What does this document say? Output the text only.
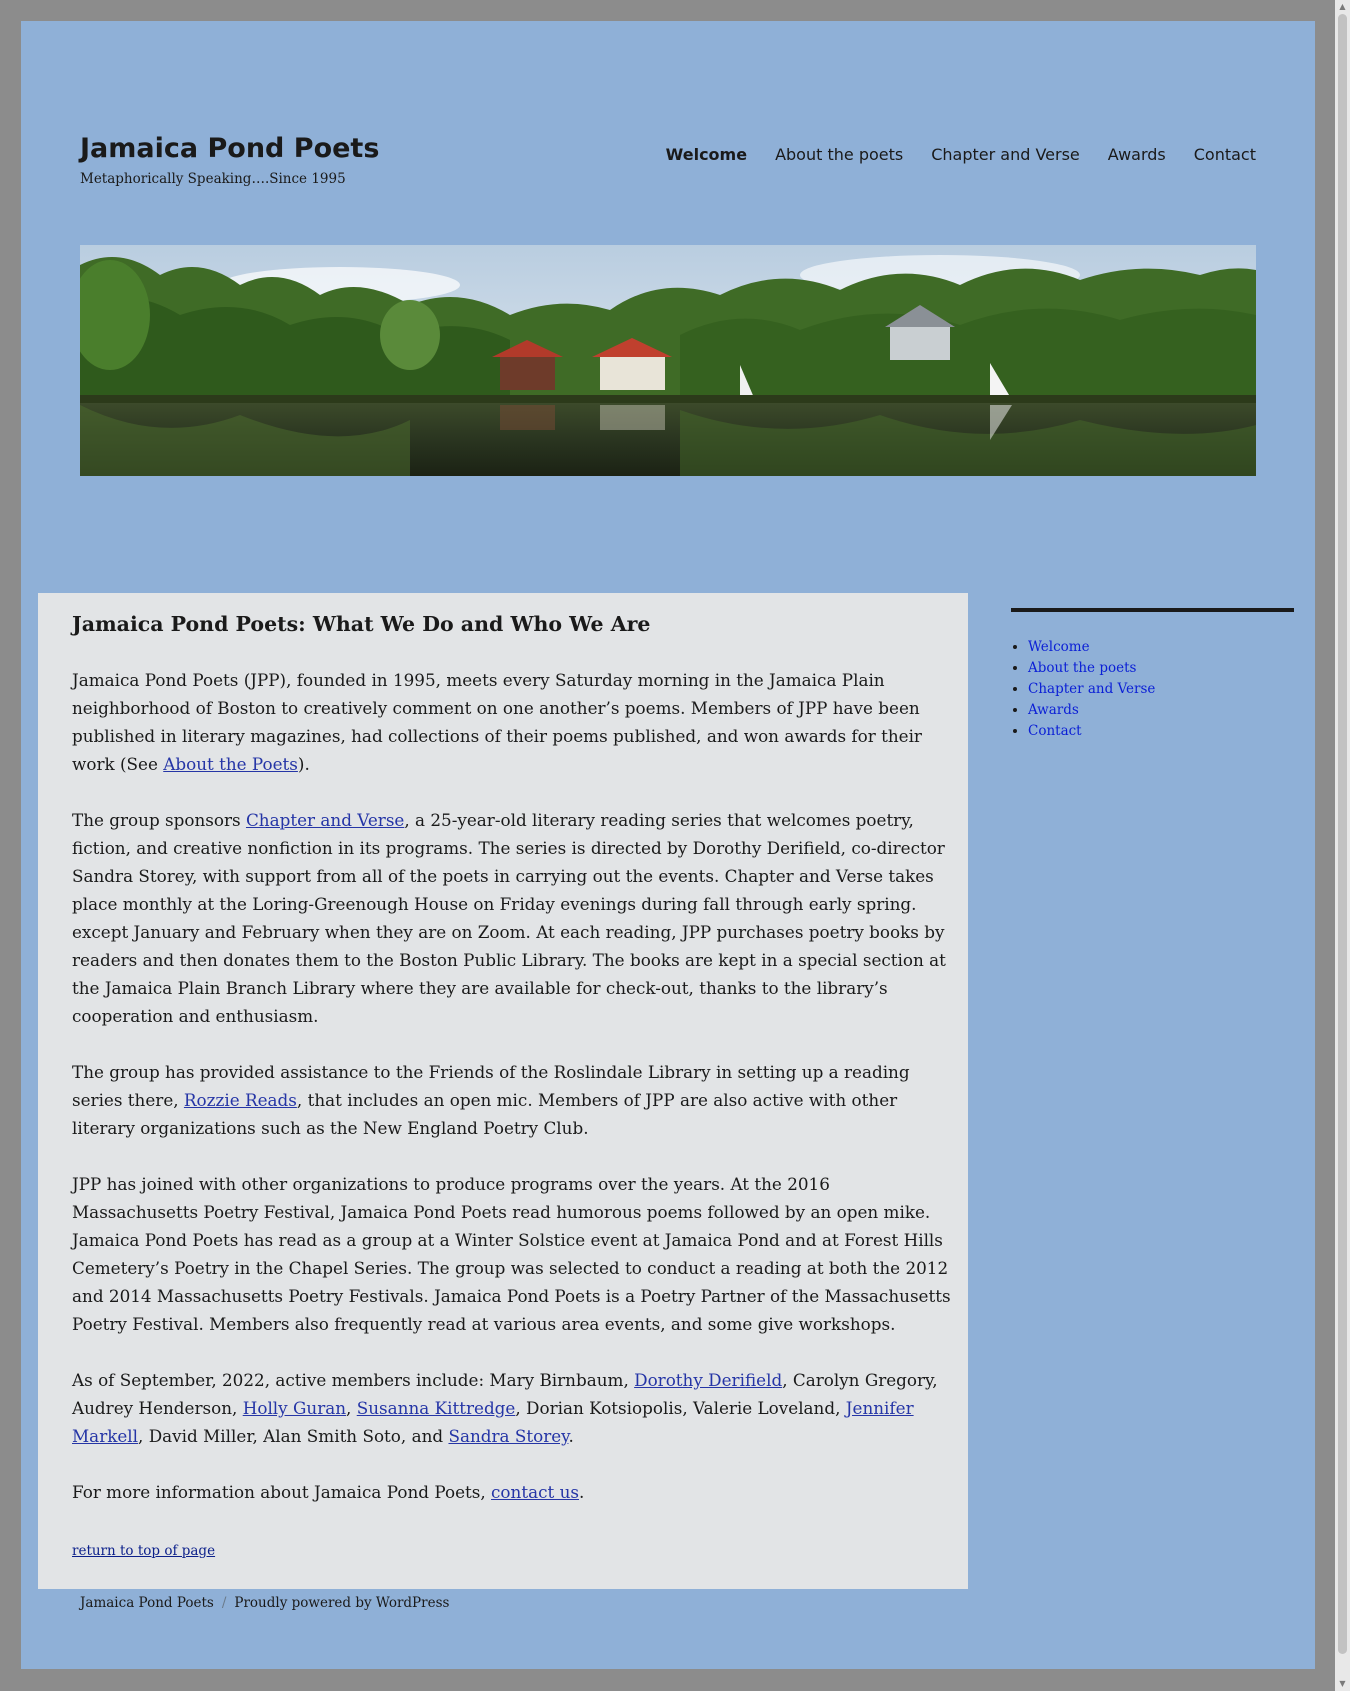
Jamaica Pond Poets
Metaphorically Speaking….Since 1995
Welcome About the poets Chapter and Verse Awards Contact
Jamaica Pond Poets: What We Do and Who We Are

Jamaica Pond Poets (JPP), founded in 1995, meets every Saturday morning in the Jamaica Plain neighborhood of Boston to creatively comment on one another’s poems. Members of JPP have been published in literary magazines, had collections of their poems published, and won awards for their work (See About the Poets).

The group sponsors Chapter and Verse, a 25-year-old literary reading series that welcomes poetry, fiction, and creative nonfiction in its programs. The series is directed by Dorothy Derifield, co-director Sandra Storey, with support from all of the poets in carrying out the events. Chapter and Verse takes place monthly at the Loring-Greenough House on Friday evenings during fall through early spring. except January and February when they are on Zoom. At each reading, JPP purchases poetry books by readers and then donates them to the Boston Public Library. The books are kept in a special section at the Jamaica Plain Branch Library where they are available for check-out, thanks to the library’s cooperation and enthusiasm.

The group has provided assistance to the Friends of the Roslindale Library in setting up a reading series there, Rozzie Reads, that includes an open mic. Members of JPP are also active with other literary organizations such as the New England Poetry Club.

JPP has joined with other organizations to produce programs over the years. At the 2016 Massachusetts Poetry Festival, Jamaica Pond Poets read humorous poems followed by an open mike. Jamaica Pond Poets has read as a group at a Winter Solstice event at Jamaica Pond and at Forest Hills Cemetery’s Poetry in the Chapel Series. The group was selected to conduct a reading at both the 2012 and 2014 Massachusetts Poetry Festivals. Jamaica Pond Poets is a Poetry Partner of the Massachusetts Poetry Festival. Members also frequently read at various area events, and some give workshops.

As of September, 2022, active members include: Mary Birnbaum, Dorothy Derifield, Carolyn Gregory, Audrey Henderson, Holly Guran, Susanna Kittredge, Dorian Kotsiopolis, Valerie Loveland, Jennifer Markell, David Miller, Alan Smith Soto, and Sandra Storey.

For more information about Jamaica Pond Poets, contact us.

return to top of page
• Welcome
• About the poets
• Chapter and Verse
• Awards
• Contact
Jamaica Pond Poets / Proudly powered by WordPress
▲
▼
